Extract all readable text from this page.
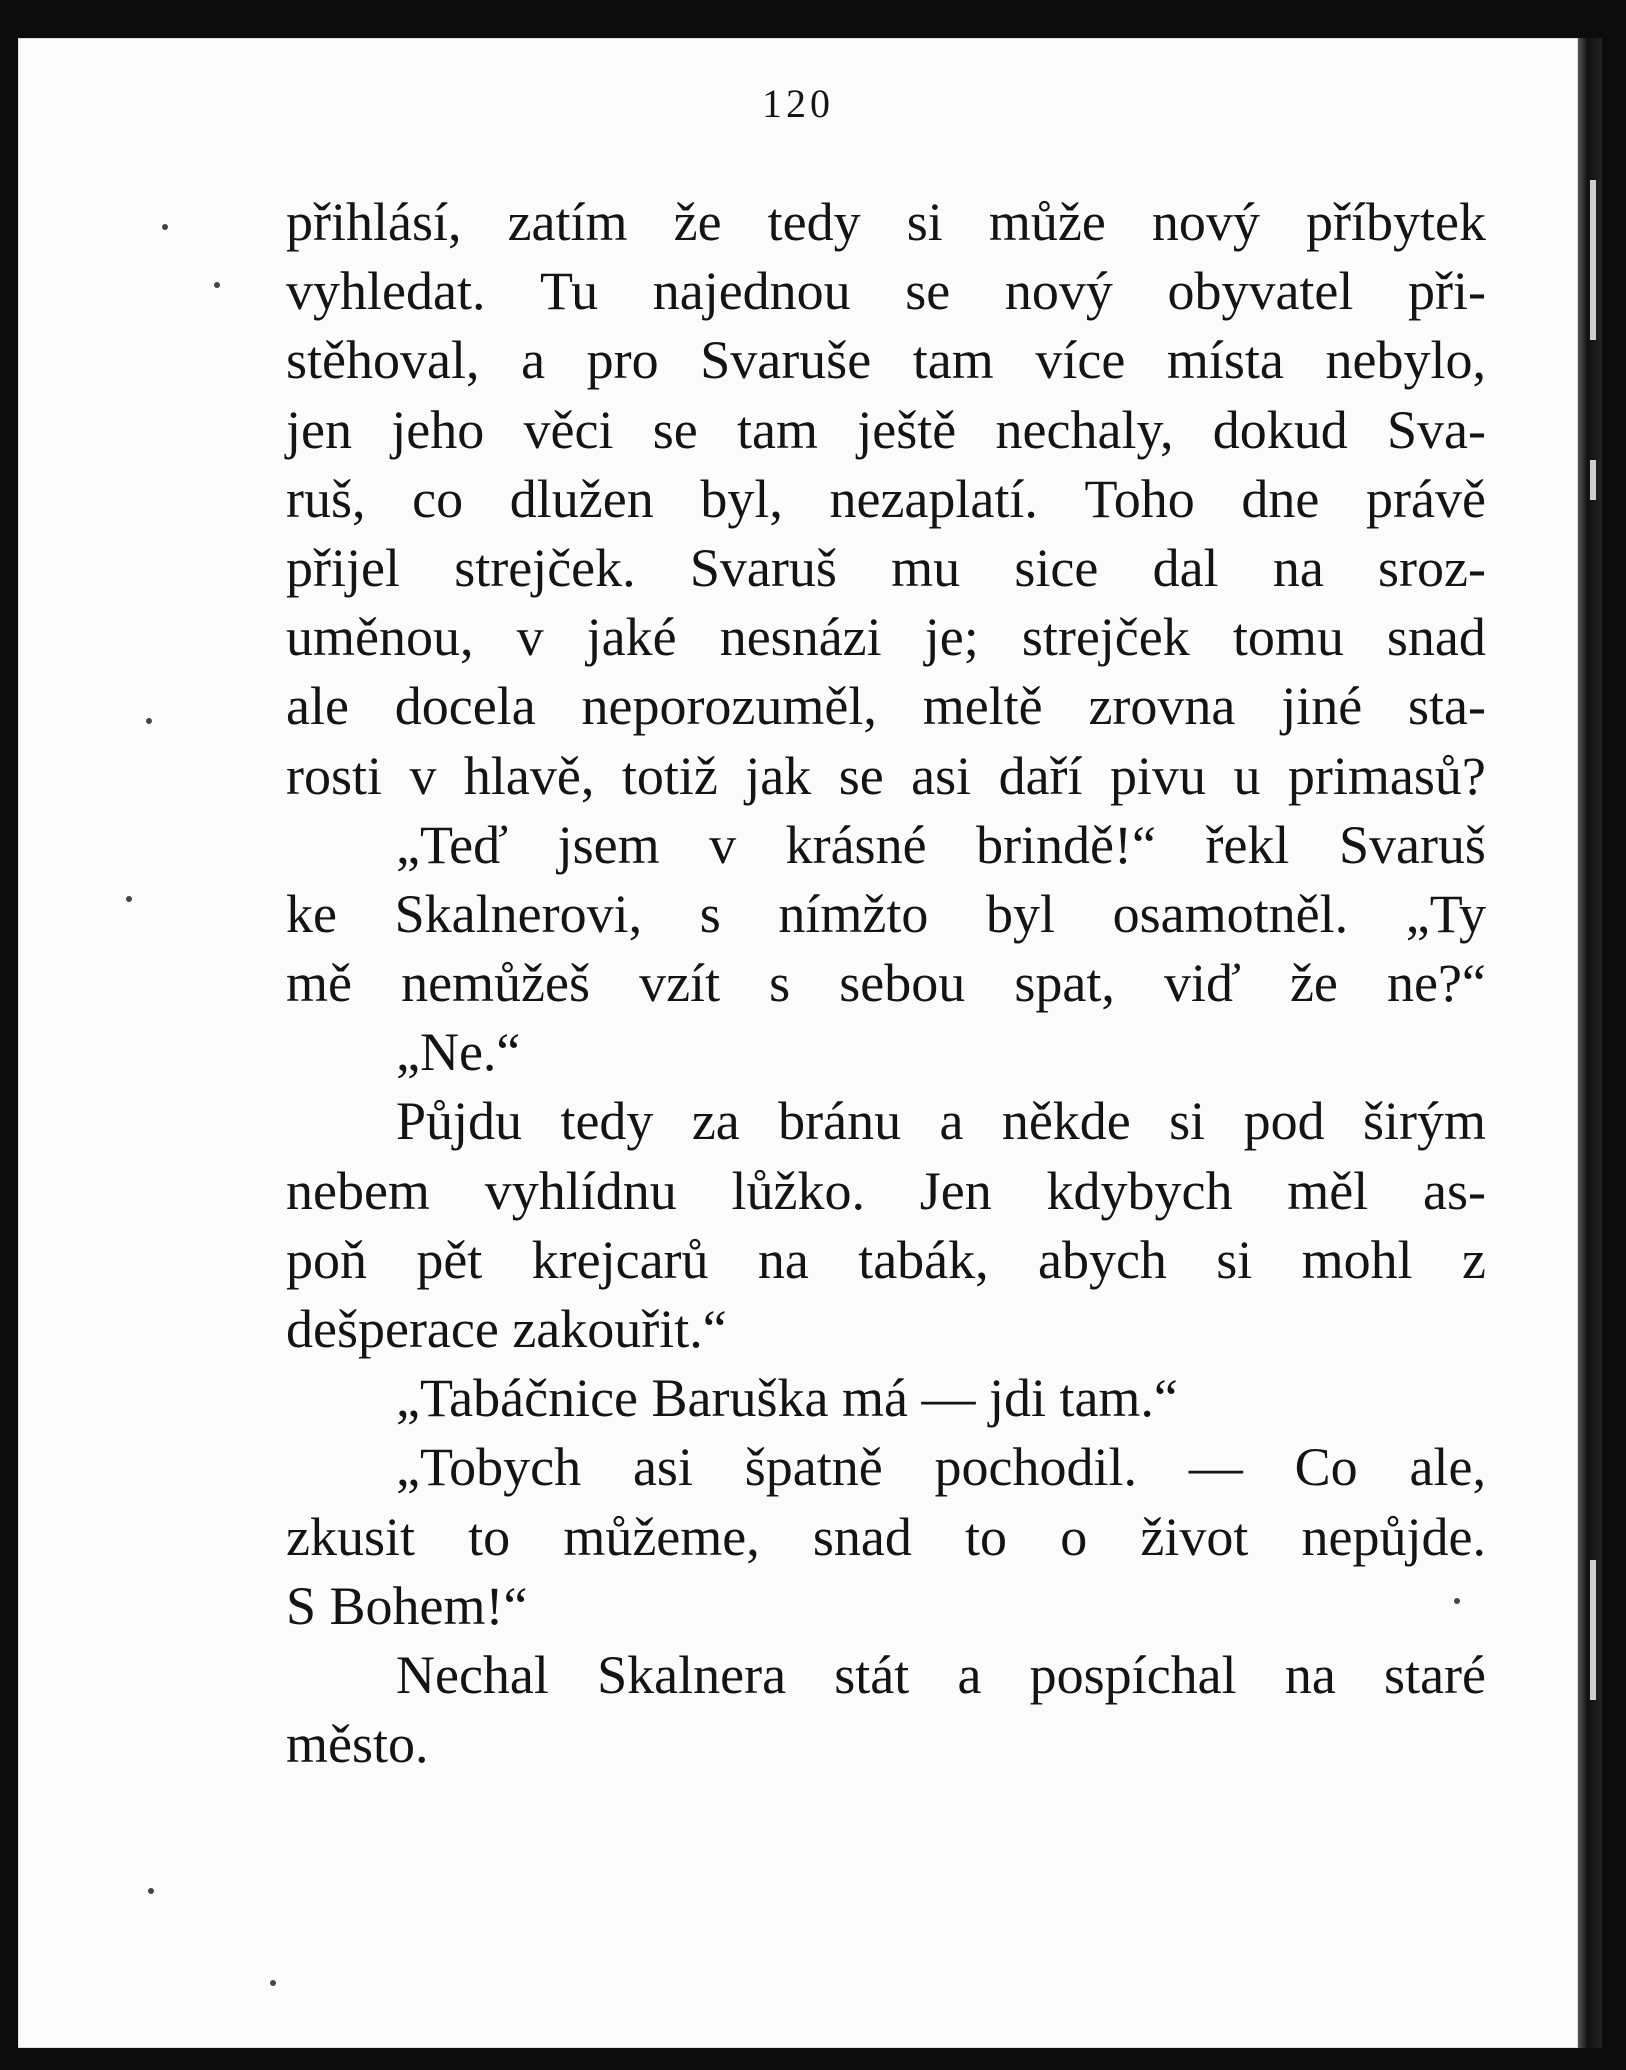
120
přihlásí, zatím že tedy si může nový příbytek
vyhledat. Tu najednou se nový obyvatel při-
stěhoval, a pro Svaruše tam více místa nebylo,
jen jeho věci se tam ještě nechaly, dokud Sva-
ruš, co dlužen byl, nezaplatí. Toho dne právě
přijel strejček. Svaruš mu sice dal na sroz-
uměnou, v jaké nesnázi je; strejček tomu snad
ale docela neporozuměl, meltě zrovna jiné sta-
rosti v hlavě, totiž jak se asi daří pivu u primasů?
„Teď jsem v krásné brindě!“ řekl Svaruš
ke Skalnerovi, s nímžto byl osamotněl. „Ty
mě nemůžeš vzít s sebou spat, viď že ne?“
„Ne.“
Půjdu tedy za bránu a někde si pod širým
nebem vyhlídnu lůžko. Jen kdybych měl as-
poň pět krejcarů na tabák, abych si mohl z
dešperace zakouřit.“
„Tabáčnice Baruška má — jdi tam.“
„Tobych asi špatně pochodil. — Co ale,
zkusit to můžeme, snad to o život nepůjde.
S Bohem!“
Nechal Skalnera stát a pospíchal na staré
město.
